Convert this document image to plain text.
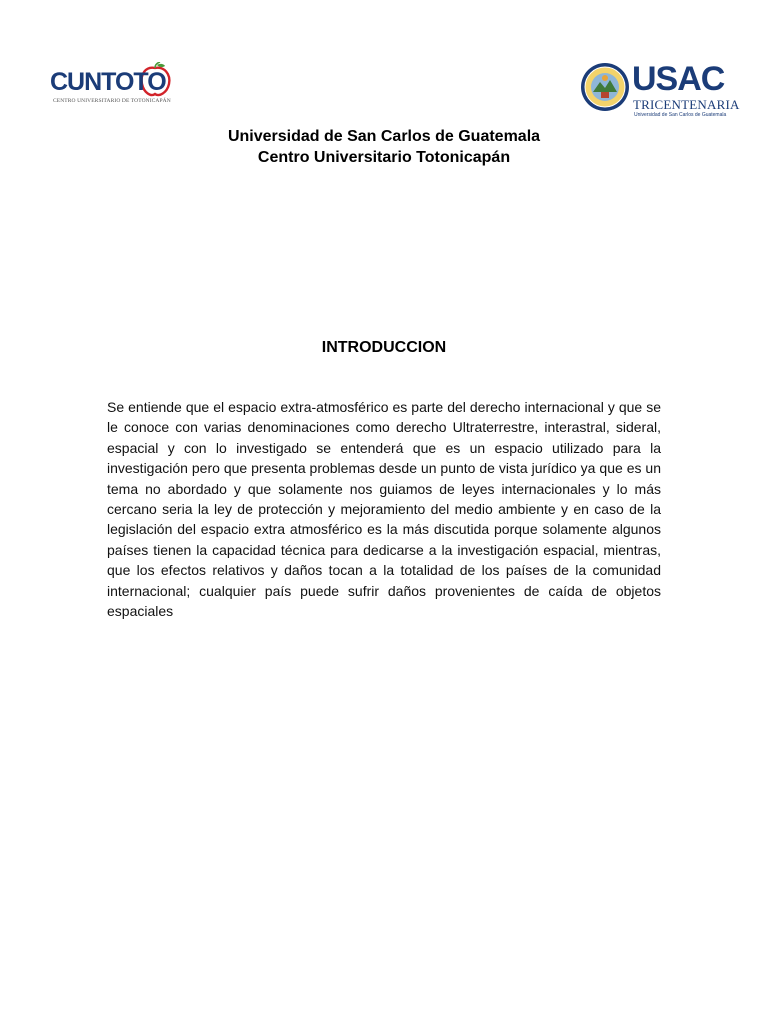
CUNTOTO
CENTRO UNIVERSITARIO DE TOTONICAPÁN
USAC
TRICENTENARIA
Universidad de San Carlos de Guatemala
Universidad de San Carlos de Guatemala
Centro Universitario Totonicapán
INTRODUCCION
Se entiende que el espacio extra-atmosférico es parte del derecho internacional y que se le conoce con varias denominaciones como derecho Ultraterrestre, interastral, sideral, espacial y con lo investigado se entenderá que es un espacio utilizado para la investigación pero que presenta problemas desde un punto de vista jurídico ya que es un tema no abordado y que solamente nos guiamos de leyes internacionales y lo más cercano seria la ley de protección y mejoramiento del medio ambiente y en caso de la legislación del espacio extra atmosférico es la más discutida porque solamente algunos países tienen la capacidad técnica para dedicarse a la investigación espacial, mientras, que los efectos relativos y daños tocan a la totalidad de los países de la comunidad internacional; cualquier país puede sufrir daños provenientes de caída de objetos espaciales
